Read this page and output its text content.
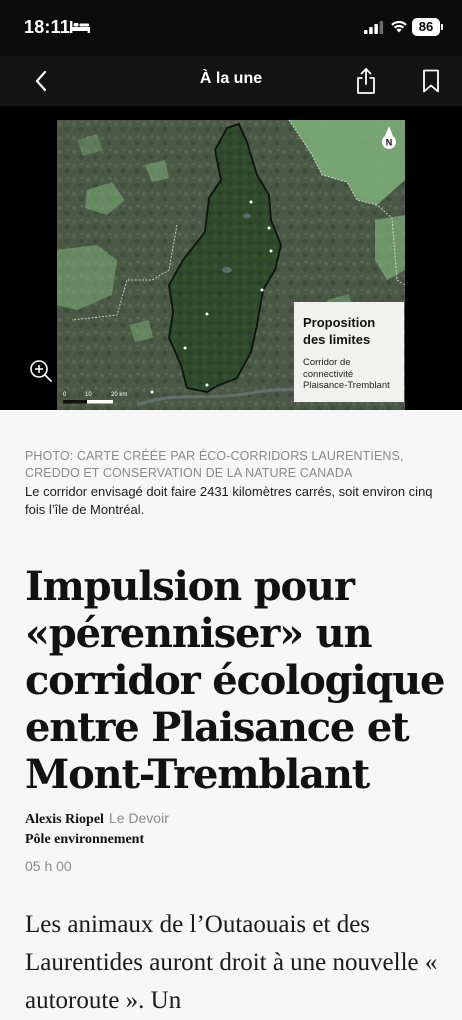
18:11	86
À la une
N
0	10	20 km
Proposition des limites
Corridor de connectivité Plaisance-Tremblant
PHOTO: CARTE CRÉÉE PAR ÉCO-CORRIDORS LAURENTIENS, CREDDO ET CONSERVATION DE LA NATURE CANADA
Le corridor envisagé doit faire 2431 kilomètres carrés, soit environ cinq fois l’île de Montréal.
Impulsion pour «pérenniser» un corridor écologique entre Plaisance et Mont-Tremblant
Alexis Riopel Le Devoir
Pôle environnement
05 h 00

Les animaux de l’Outaouais et des Laurentides auront droit à une nouvelle « autoroute ». Un
